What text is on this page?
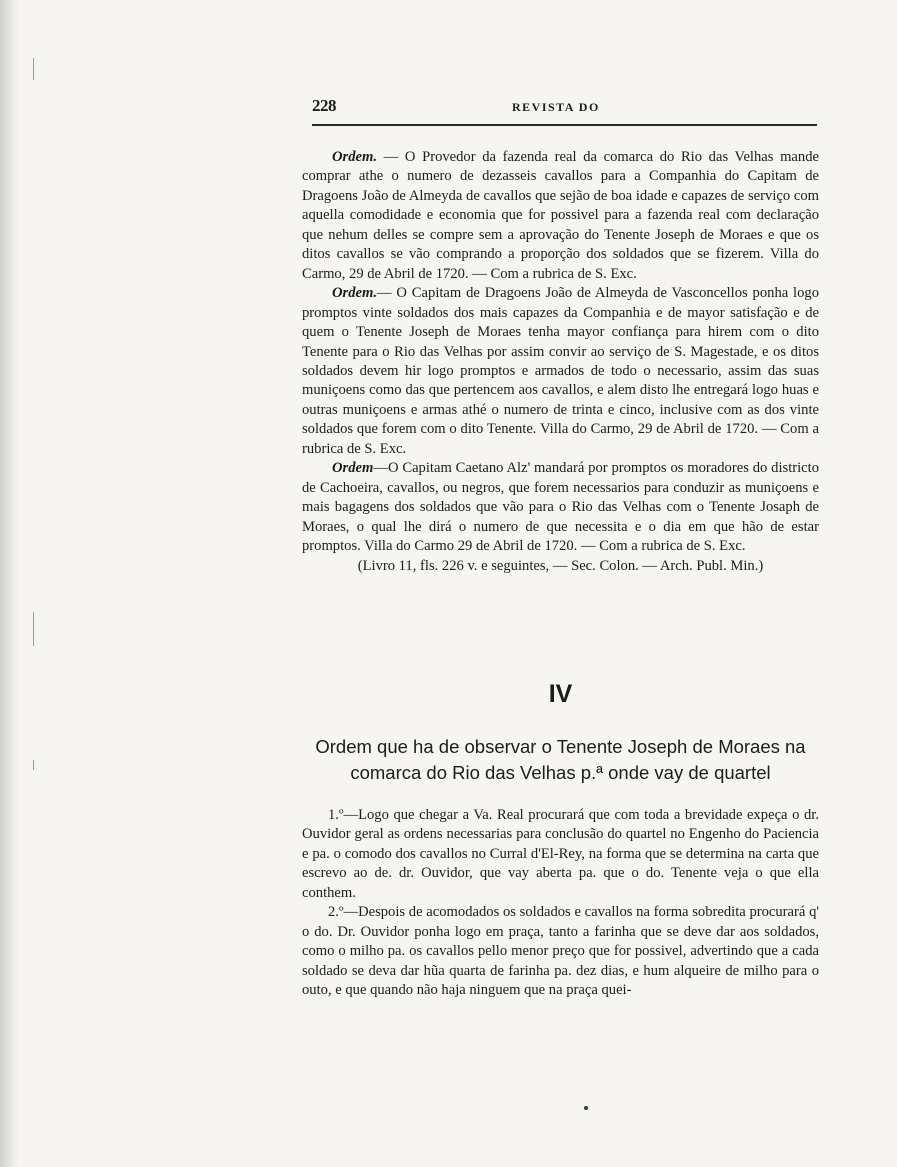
228	REVISTA DO

Ordem. — O Provedor da fazenda real da comarca do Rio das Velhas mande comprar athe o numero de dezasseis cavallos para a Companhia do Capitam de Dragoens João de Almeyda de cavallos que sejão de boa idade e capazes de serviço com aquella comodidade e economia que for possivel para a fazenda real com declaração que nehum delles se compre sem a aprovação do Tenente Joseph de Moraes e que os ditos cavallos se vão comprando a proporção dos soldados que se fizerem. Villa do Carmo, 29 de Abril de 1720. — Com a rubrica de S. Exc.

Ordem.— O Capitam de Dragoens João de Almeyda de Vasconcellos ponha logo promptos vinte soldados dos mais capazes da Companhia e de mayor satisfação e de quem o Tenente Joseph de Moraes tenha mayor confiança para hirem com o dito Tenente para o Rio das Velhas por assim convir ao serviço de S. Magestade, e os ditos soldados devem hir logo promptos e armados de todo o necessario, assim das suas muniçoens como das que pertencem aos cavallos, e alem disto lhe entregará logo huas e outras muniçoens e armas athé o numero de trinta e cinco, inclusive com as dos vinte soldados que forem com o dito Tenente. Villa do Carmo, 29 de Abril de 1720. — Com a rubrica de S. Exc.

Ordem—O Capitam Caetano Alz' mandará por promptos os moradores do districto de Cachoeira, cavallos, ou negros, que forem necessarios para conduzir as muniçoens e mais bagagens dos soldados que vão para o Rio das Velhas com o Tenente Josaph de Moraes, o qual lhe dirá o numero de que necessita e o dia em que hão de estar promptos. Villa do Carmo 29 de Abril de 1720. — Com a rubrica de S. Exc.

(Livro 11, fls. 226 v. e seguintes, — Sec. Colon. — Arch. Publ. Min.)

IV
Ordem que ha de observar o Tenente Joseph de Moraes na
comarca do Rio das Velhas p.ª onde vay de quartel

1.º—Logo que chegar a Va. Real procurará que com toda a brevidade expeça o dr. Ouvidor geral as ordens necessarias para conclusão do quartel no Engenho do Paciencia e pa. o comodo dos cavallos no Curral d'El-Rey, na forma que se determina na carta que escrevo ao de. dr. Ouvidor, que vay aberta pa. que o do. Tenente veja o que ella conthem.

2.º—Despois de acomodados os soldados e cavallos na forma sobredita procurará q' o do. Dr. Ouvidor ponha logo em praça, tanto a farinha que se deve dar aos soldados, como o milho pa. os cavallos pello menor preço que for possivel, advertindo que a cada soldado se deva dar hũa quarta de farinha pa. dez dias, e hum alqueire de milho para o outo, e que quando não haja ninguem que na praça quei-
